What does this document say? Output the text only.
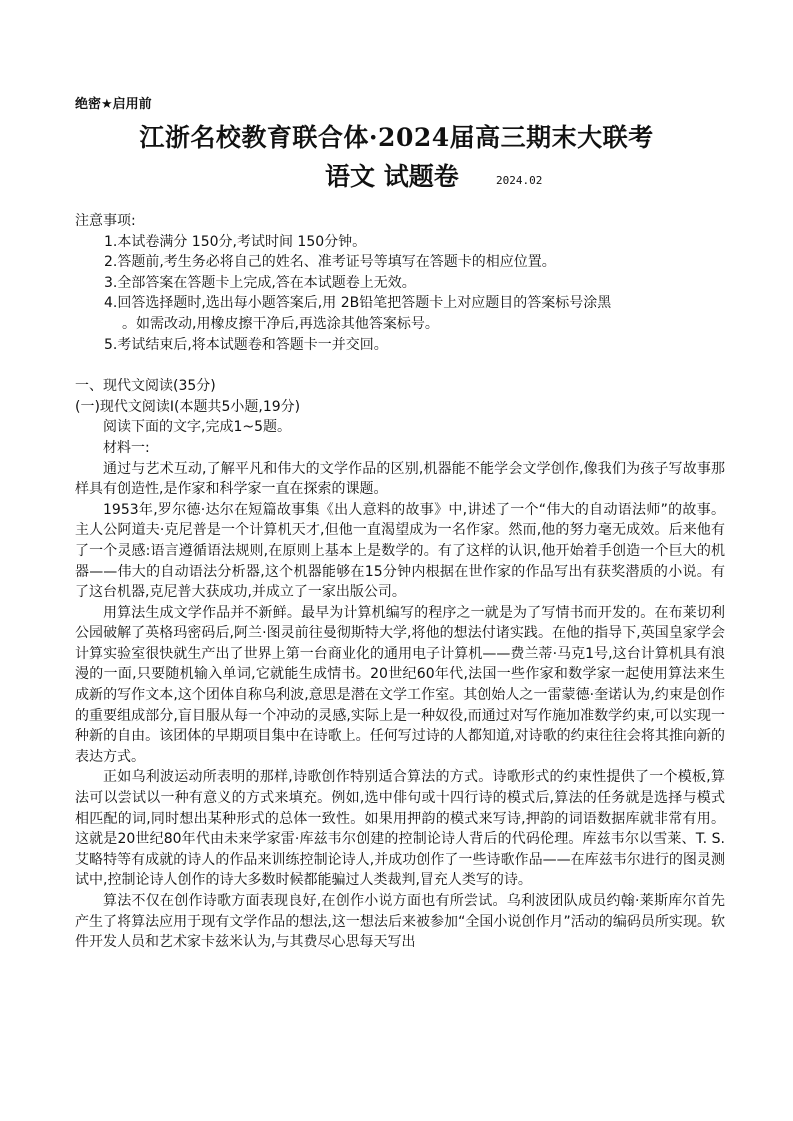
绝密★启用前
江浙名校教育联合体·2024届高三期末大联考
语文 试题卷	2024.02

注意事项:

1.本试卷满分 150分,考试时间 150分钟。

2.答题前,考生务必将自己的姓名、准考证号等填写在答题卡的相应位置。

3.全部答案在答题卡上完成,答在本试题卷上无效。

4.回答选择题时,选出每小题答案后,用 2B铅笔把答题卡上对应题目的答案标号涂黑

。如需改动,用橡皮擦干净后,再选涂其他答案标号。

5.考试结束后,将本试题卷和答题卡一并交回。

一、现代文阅读(35分)

(一)现代文阅读Ⅰ(本题共5小题,19分)

阅读下面的文字,完成1~5题。

材料一:

通过与艺术互动,了解平凡和伟大的文学作品的区别,机器能不能学会文学创作,像我们为孩子写故事那样具有创造性,是作家和科学家一直在探索的课题。

1953年,罗尔德·达尔在短篇故事集《出人意料的故事》中,讲述了一个“伟大的自动语法师”的故事。主人公阿道夫·克尼普是一个计算机天才,但他一直渴望成为一名作家。然而,他的努力毫无成效。后来他有了一个灵感:语言遵循语法规则,在原则上基本上是数学的。有了这样的认识,他开始着手创造一个巨大的机器——伟大的自动语法分析器,这个机器能够在15分钟内根据在世作家的作品写出有获奖潜质的小说。有了这台机器,克尼普大获成功,并成立了一家出版公司。

用算法生成文学作品并不新鲜。最早为计算机编写的程序之一就是为了写情书而开发的。在布莱切利公园破解了英格玛密码后,阿兰·图灵前往曼彻斯特大学,将他的想法付诸实践。在他的指导下,英国皇家学会计算实验室很快就生产出了世界上第一台商业化的通用电子计算机——费兰蒂·马克1号,这台计算机具有浪漫的一面,只要随机输入单词,它就能生成情书。20世纪60年代,法国一些作家和数学家一起使用算法来生成新的写作文本,这个团体自称乌利波,意思是潜在文学工作室。其创始人之一雷蒙德·奎诺认为,约束是创作的重要组成部分,盲目服从每一个冲动的灵感,实际上是一种奴役,而通过对写作施加准数学约束,可以实现一种新的自由。该团体的早期项目集中在诗歌上。任何写过诗的人都知道,对诗歌的约束往往会将其推向新的表达方式。

正如乌利波运动所表明的那样,诗歌创作特别适合算法的方式。诗歌形式的约束性提供了一个模板,算法可以尝试以一种有意义的方式来填充。例如,选中俳句或十四行诗的模式后,算法的任务就是选择与模式相匹配的词,同时想出某种形式的总体一致性。如果用押韵的模式来写诗,押韵的词语数据库就非常有用。这就是20世纪80年代由未来学家雷·库兹韦尔创建的控制论诗人背后的代码伦理。库兹韦尔以雪莱、T. S.艾略特等有成就的诗人的作品来训练控制论诗人,并成功创作了一些诗歌作品——在库兹韦尔进行的图灵测试中,控制论诗人创作的诗大多数时候都能骗过人类裁判,冒充人类写的诗。

算法不仅在创作诗歌方面表现良好,在创作小说方面也有所尝试。乌利波团队成员约翰·莱斯库尔首先产生了将算法应用于现有文学作品的想法,这一想法后来被参加“全国小说创作月”活动的编码员所实现。软件开发人员和艺术家卡兹米认为,与其费尽心思每天写出
